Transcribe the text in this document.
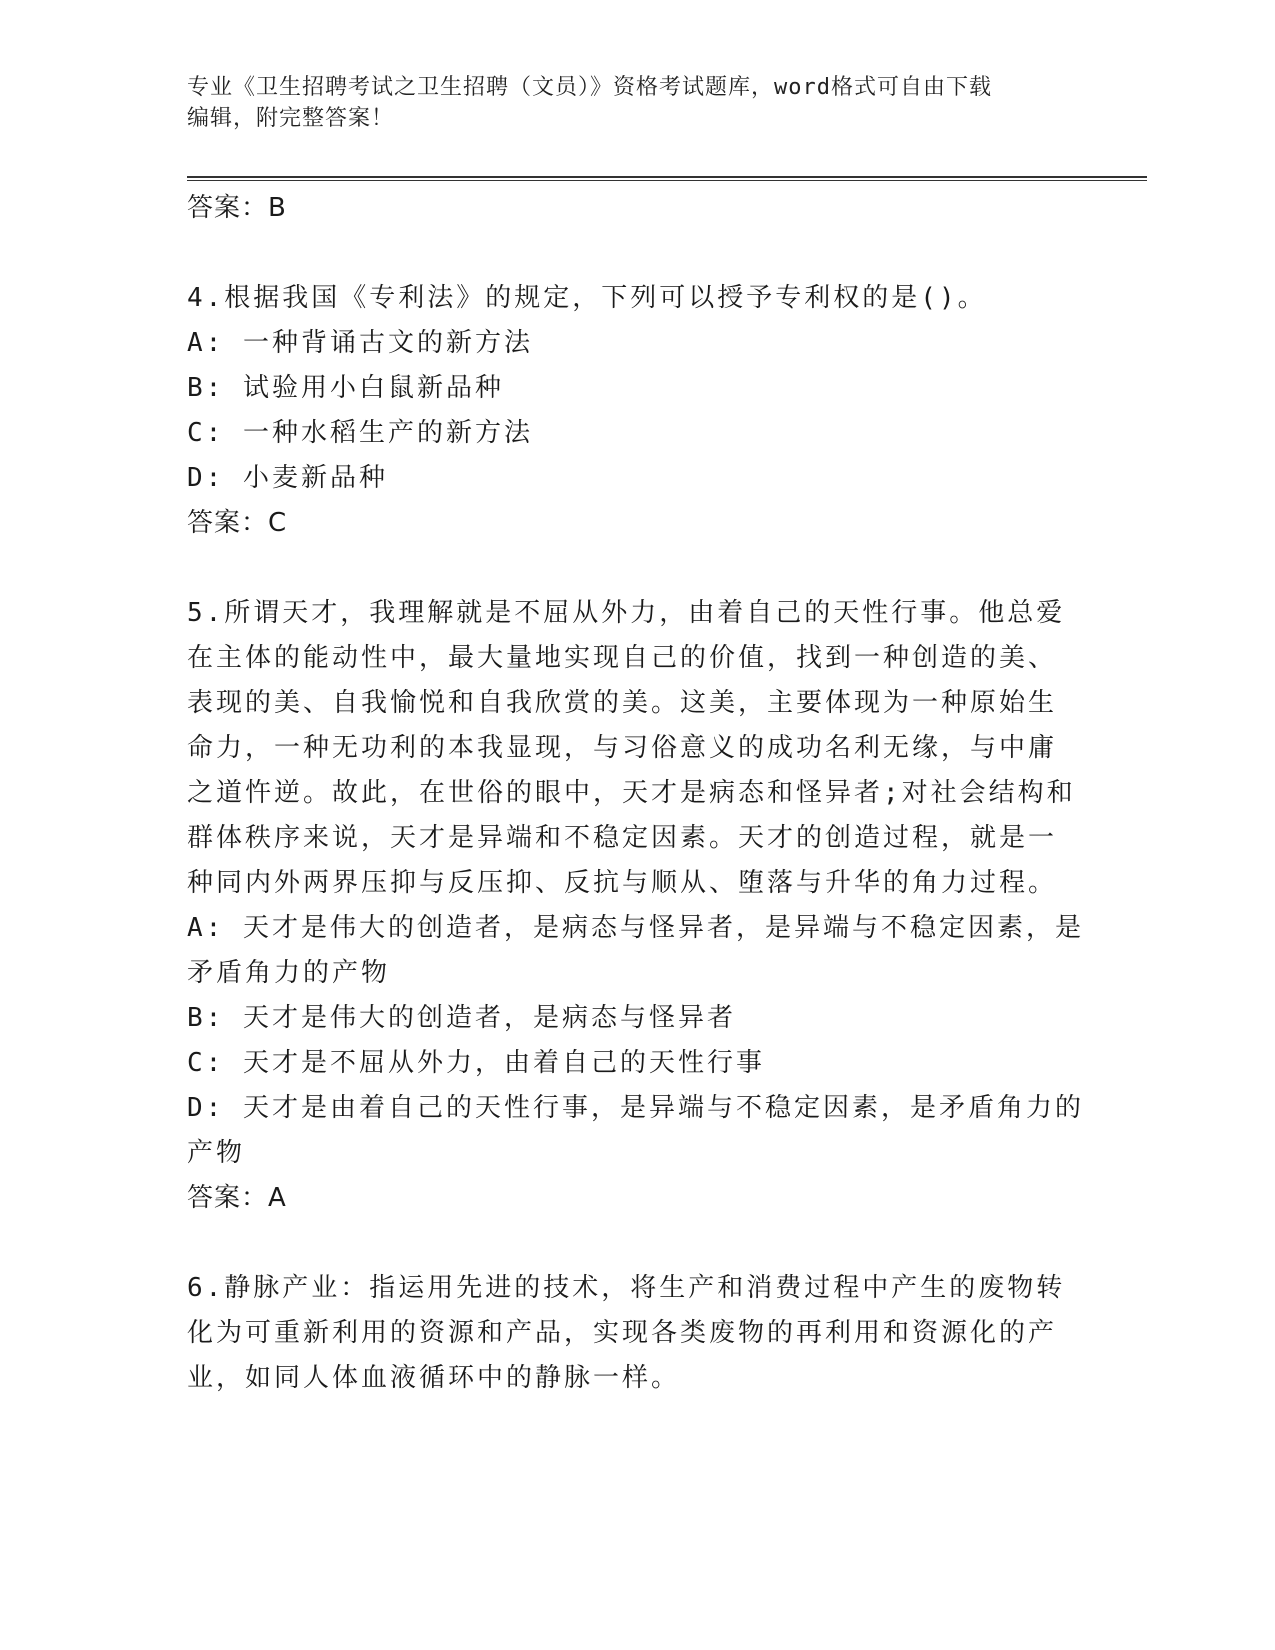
专业《卫生招聘考试之卫生招聘（文员）》资格考试题库，word格式可自由下载
编辑，附完整答案！
答案：B
4.根据我国《专利法》的规定，下列可以授予专利权的是()。
A: 一种背诵古文的新方法
B: 试验用小白鼠新品种
C: 一种水稻生产的新方法
D: 小麦新品种
答案：C
5.所谓天才，我理解就是不屈从外力，由着自己的天性行事。他总爱
在主体的能动性中，最大量地实现自己的价值，找到一种创造的美、
表现的美、自我愉悦和自我欣赏的美。这美，主要体现为一种原始生
命力，一种无功利的本我显现，与习俗意义的成功名利无缘，与中庸
之道忤逆。故此，在世俗的眼中，天才是病态和怪异者;对社会结构和
群体秩序来说，天才是异端和不稳定因素。天才的创造过程，就是一
种同内外两界压抑与反压抑、反抗与顺从、堕落与升华的角力过程。
A: 天才是伟大的创造者，是病态与怪异者，是异端与不稳定因素，是
矛盾角力的产物
B: 天才是伟大的创造者，是病态与怪异者
C: 天才是不屈从外力，由着自己的天性行事
D: 天才是由着自己的天性行事，是异端与不稳定因素，是矛盾角力的
产物
答案：A
6.静脉产业：指运用先进的技术，将生产和消费过程中产生的废物转
化为可重新利用的资源和产品，实现各类废物的再利用和资源化的产
业，如同人体血液循环中的静脉一样。
